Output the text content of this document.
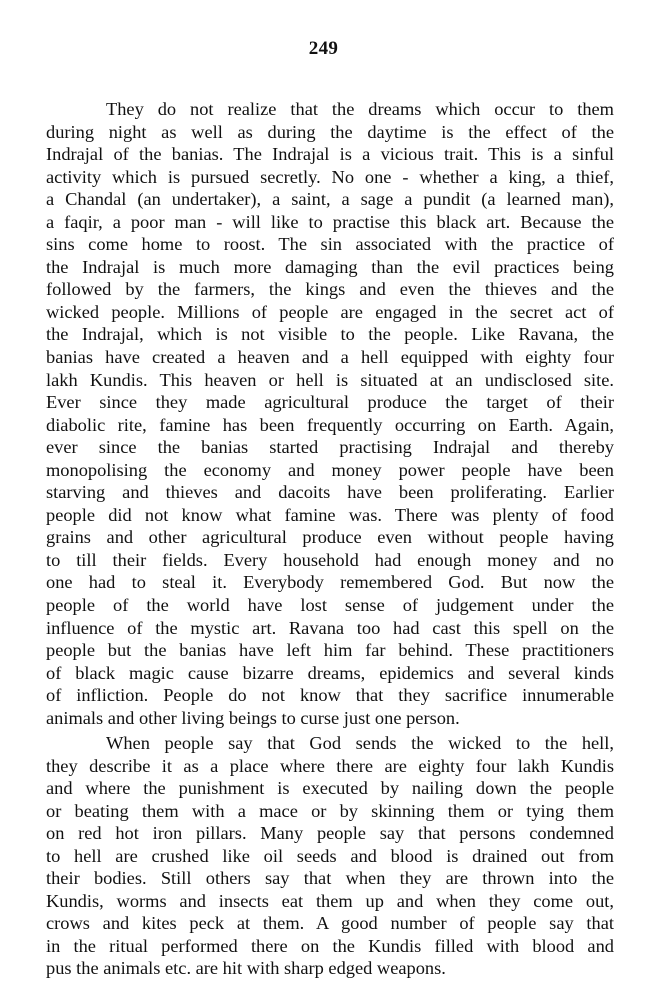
249
They do not realize that the dreams which occur to them
during night as well as during the daytime is the effect of the
Indrajal of the banias. The Indrajal is a vicious trait. This is a sinful
activity which is pursued secretly. No one - whether a king, a thief,
a Chandal (an undertaker), a saint, a sage a pundit (a learned man),
a faqir, a poor man - will like to practise this black art. Because the
sins come home to roost. The sin associated with the practice of
the Indrajal is much more damaging than the evil practices being
followed by the farmers, the kings and even the thieves and the
wicked people. Millions of people are engaged in the secret act of
the Indrajal, which is not visible to the people. Like Ravana, the
banias have created a heaven and a hell equipped with eighty four
lakh Kundis. This heaven or hell is situated at an undisclosed site.
Ever since they made agricultural produce the target of their
diabolic rite, famine has been frequently occurring on Earth. Again,
ever since the banias started practising Indrajal and thereby
monopolising the economy and money power people have been
starving and thieves and dacoits have been proliferating. Earlier
people did not know what famine was. There was plenty of food
grains and other agricultural produce even without people having
to till their fields. Every household had enough money and no
one had to steal it. Everybody remembered God. But now the
people of the world have lost sense of judgement under the
influence of the mystic art. Ravana too had cast this spell on the
people but the banias have left him far behind. These practitioners
of black magic cause bizarre dreams, epidemics and several kinds
of infliction. People do not know that they sacrifice innumerable
animals and other living beings to curse just one person.
When people say that God sends the wicked to the hell,
they describe it as a place where there are eighty four lakh Kundis
and where the punishment is executed by nailing down the people
or beating them with a mace or by skinning them or tying them
on red hot iron pillars. Many people say that persons condemned
to hell are crushed like oil seeds and blood is drained out from
their bodies. Still others say that when they are thrown into the
Kundis, worms and insects eat them up and when they come out,
crows and kites peck at them. A good number of people say that
in the ritual performed there on the Kundis filled with blood and
pus the animals etc. are hit with sharp edged weapons.
